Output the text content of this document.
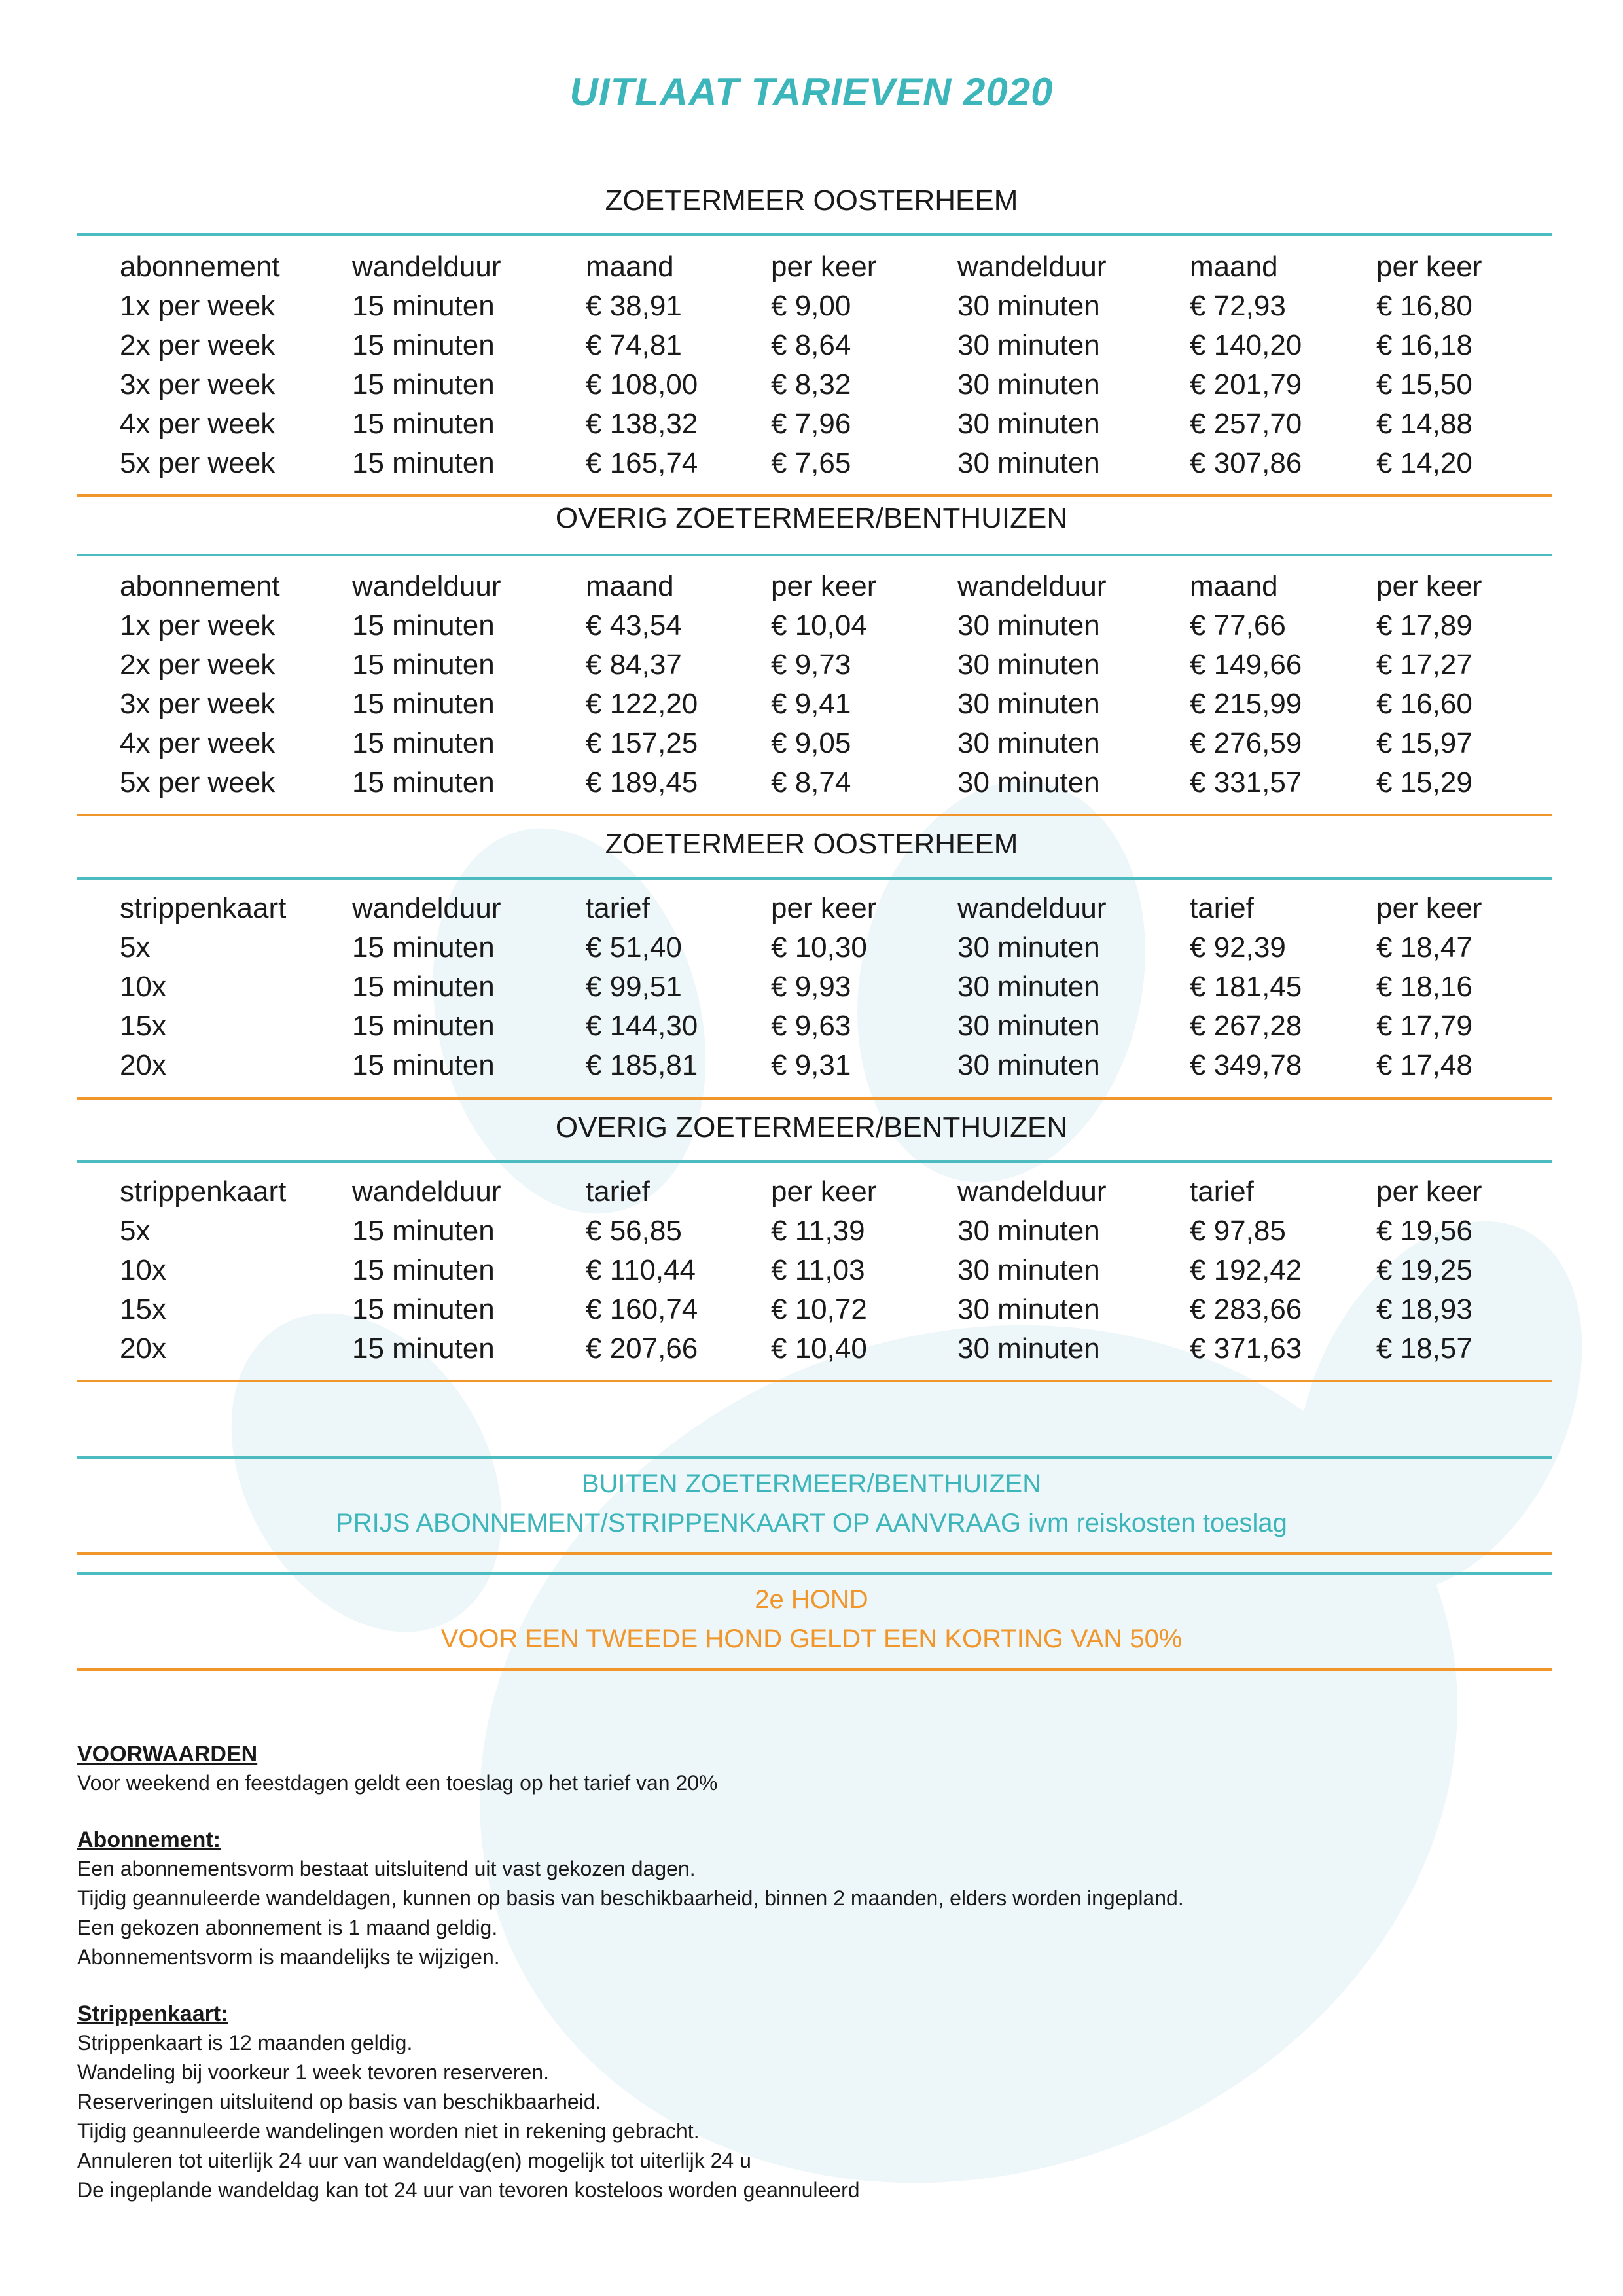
UITLAAT TARIEVEN 2020
ZOETERMEER OOSTERHEEM
abonnement	wandelduur	maand	per keer	wandelduur	maand	per keer
1x per week	15 minuten	€ 38,91	€ 9,00	30 minuten	€ 72,93	€ 16,80
2x per week	15 minuten	€ 74,81	€ 8,64	30 minuten	€ 140,20	€ 16,18
3x per week	15 minuten	€ 108,00	€ 8,32	30 minuten	€ 201,79	€ 15,50
4x per week	15 minuten	€ 138,32	€ 7,96	30 minuten	€ 257,70	€ 14,88
5x per week	15 minuten	€ 165,74	€ 7,65	30 minuten	€ 307,86	€ 14,20
OVERIG ZOETERMEER/BENTHUIZEN
abonnement	wandelduur	maand	per keer	wandelduur	maand	per keer
1x per week	15 minuten	€ 43,54	€ 10,04	30 minuten	€ 77,66	€ 17,89
2x per week	15 minuten	€ 84,37	€ 9,73	30 minuten	€ 149,66	€ 17,27
3x per week	15 minuten	€ 122,20	€ 9,41	30 minuten	€ 215,99	€ 16,60
4x per week	15 minuten	€ 157,25	€ 9,05	30 minuten	€ 276,59	€ 15,97
5x per week	15 minuten	€ 189,45	€ 8,74	30 minuten	€ 331,57	€ 15,29
ZOETERMEER OOSTERHEEM
strippenkaart	wandelduur	tarief	per keer	wandelduur	tarief	per keer
5x	15 minuten	€ 51,40	€ 10,30	30 minuten	€ 92,39	€ 18,47
10x	15 minuten	€ 99,51	€ 9,93	30 minuten	€ 181,45	€ 18,16
15x	15 minuten	€ 144,30	€ 9,63	30 minuten	€ 267,28	€ 17,79
20x	15 minuten	€ 185,81	€ 9,31	30 minuten	€ 349,78	€ 17,48
OVERIG ZOETERMEER/BENTHUIZEN
strippenkaart	wandelduur	tarief	per keer	wandelduur	tarief	per keer
5x	15 minuten	€ 56,85	€ 11,39	30 minuten	€ 97,85	€ 19,56
10x	15 minuten	€ 110,44	€ 11,03	30 minuten	€ 192,42	€ 19,25
15x	15 minuten	€ 160,74	€ 10,72	30 minuten	€ 283,66	€ 18,93
20x	15 minuten	€ 207,66	€ 10,40	30 minuten	€ 371,63	€ 18,57
BUITEN ZOETERMEER/BENTHUIZEN
PRIJS ABONNEMENT/STRIPPENKAART OP AANVRAAG ivm reiskosten toeslag
2e HOND
VOOR EEN TWEEDE HOND GELDT EEN KORTING VAN 50%
VOORWAARDEN
Voor weekend en feestdagen geldt een toeslag op het tarief van 20%
Abonnement:
Een abonnementsvorm bestaat uitsluitend uit vast gekozen dagen.
Tijdig geannuleerde wandeldagen, kunnen op basis van beschikbaarheid, binnen 2 maanden, elders worden ingepland.
Een gekozen abonnement is 1 maand geldig.
Abonnementsvorm is maandelijks te wijzigen.
Strippenkaart:
Strippenkaart is 12 maanden geldig.
Wandeling bij voorkeur 1 week tevoren reserveren.
Reserveringen uitsluitend op basis van beschikbaarheid.
Tijdig geannuleerde wandelingen worden niet in rekening gebracht.
Annuleren tot uiterlijk 24 uur van wandeldag(en) mogelijk tot uiterlijk 24 u
De ingeplande wandeldag kan tot 24 uur van tevoren kosteloos worden geannuleerd
